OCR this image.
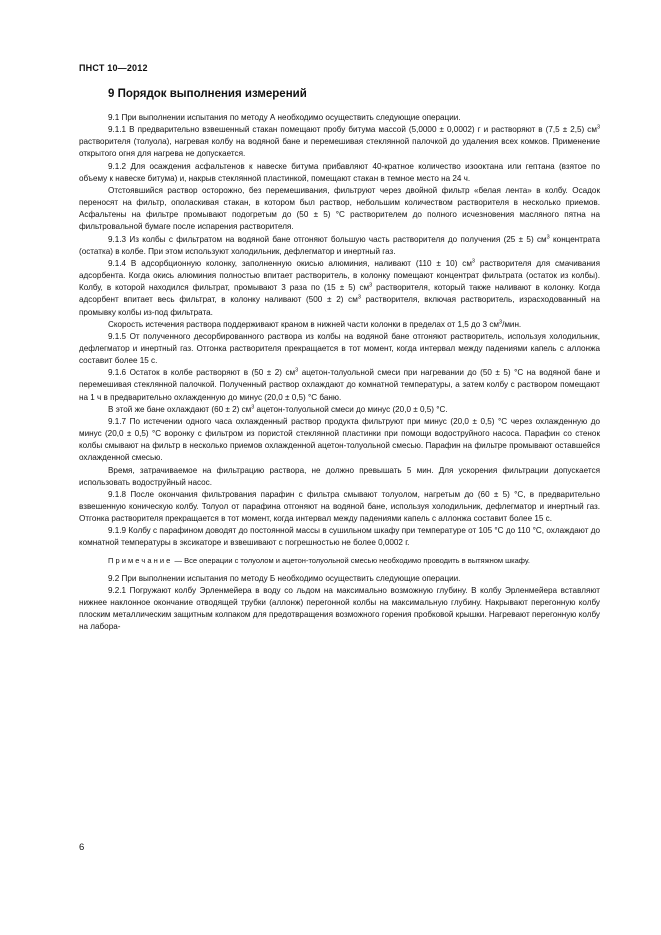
ПНСТ 10—2012
9 Порядок выполнения измерений

9.1 При выполнении испытания по методу А необходимо осуществить следующие операции.

9.1.1 В предварительно взвешенный стакан помещают пробу битума массой (5,0000 ± 0,0002) г и растворяют в (7,5 ± 2,5) $см^3$ растворителя (толуола), нагревая колбу на водяной бане и перемешивая стеклянной палочкой до удаления всех комков. Применение открытого огня для нагрева не допускается.

9.1.2 Для осаждения асфальтенов к навеске битума прибавляют 40-кратное количество изооктана или гептана (взятое по объему к навеске битума) и, накрыв стеклянной пластинкой, помещают стакан в темное место на 24 ч.

Отстоявшийся раствор осторожно, без перемешивания, фильтруют через двойной фильтр «белая лента» в колбу. Осадок переносят на фильтр, ополаскивая стакан, в котором был раствор, небольшим количеством растворителя в несколько приемов. Асфальтены на фильтре промывают подогретым до (50 ± 5) °С растворителем до полного исчезновения масляного пятна на фильтровальной бумаге после испарения растворителя.

9.1.3 Из колбы с фильтратом на водяной бане отгоняют большую часть растворителя до получения (25 ± 5) $см^3$ концентрата (остатка) в колбе. При этом используют холодильник, дефлегматор и инертный газ.

9.1.4 В адсорбционную колонку, заполненную окисью алюминия, наливают (110 ± 10) $см^3$ растворителя для смачивания адсорбента. Когда окись алюминия полностью впитает растворитель, в колонку помещают концентрат фильтрата (остаток из колбы). Колбу, в которой находился фильтрат, промывают 3 раза по (15 ± 5) $см^3$ растворителя, который также наливают в колонку. Когда адсорбент впитает весь фильтрат, в колонку наливают (500 ± 2) $см^3$ растворителя, включая растворитель, израсходованный на промывку колбы из-под фильтрата.

Скорость истечения раствора поддерживают краном в нижней части колонки в пределах от 1,5 до 3 $см^3$/мин.

9.1.5 От полученного десорбированного раствора из колбы на водяной бане отгоняют растворитель, используя холодильник, дефлегматор и инертный газ. Отгонка растворителя прекращается в тот момент, когда интервал между падениями капель с аллонжа составит более 15 с.

9.1.6 Остаток в колбе растворяют в (50 ± 2) $см^3$ ацетон-толуольной смеси при нагревании до (50 ± 5) °С на водяной бане и перемешивая стеклянной палочкой. Полученный раствор охлаждают до комнатной температуры, а затем колбу с раствором помещают на 1 ч в предварительно охлажденную до минус (20,0 ± 0,5) °С баню.

В этой же бане охлаждают (60 ± 2) $см^3$ ацетон-толуольной смеси до минус (20,0 ± 0,5) °С.

9.1.7 По истечении одного часа охлажденный раствор продукта фильтруют при минус (20,0 ± 0,5) °С через охлажденную до минус (20,0 ± 0,5) °С воронку с фильтром из пористой стеклянной пластинки при помощи водоструйного насоса. Парафин со стенок колбы смывают на фильтр в несколько приемов охлажденной ацетон-толуольной смесью. Парафин на фильтре промывают оставшейся охлажденной смесью.

Время, затрачиваемое на фильтрацию раствора, не должно превышать 5 мин. Для ускорения фильтрации допускается использовать водоструйный насос.

9.1.8 После окончания фильтрования парафин с фильтра смывают толуолом, нагретым до (60 ± 5) °С, в предварительно взвешенную коническую колбу. Толуол от парафина отгоняют на водяной бане, используя холодильник, дефлегматор и инертный газ. Отгонка растворителя прекращается в тот момент, когда интервал между падениями капель с аллонжа составит более 15 с.

9.1.9 Колбу с парафином доводят до постоянной массы в сушильном шкафу при температуре от 105 °С до 110 °С, охлаждают до комнатной температуры в эксикаторе и взвешивают с погрешностью не более 0,0002 г.

Примечание — Все операции с толуолом и ацетон-толуольной смесью необходимо проводить в вытяжном шкафу.

9.2 При выполнении испытания по методу Б необходимо осуществить следующие операции.

9.2.1 Погружают колбу Эрленмейера в воду со льдом на максимально возможную глубину. В колбу Эрленмейера вставляют нижнее наклонное окончание отводящей трубки (аллонж) перегонной колбы на максимальную глубину. Накрывают перегонную колбу плоским металлическим защитным колпаком для предотвращения возможного горения пробковой крышки. Нагревают перегонную колбу на лабора-

6
